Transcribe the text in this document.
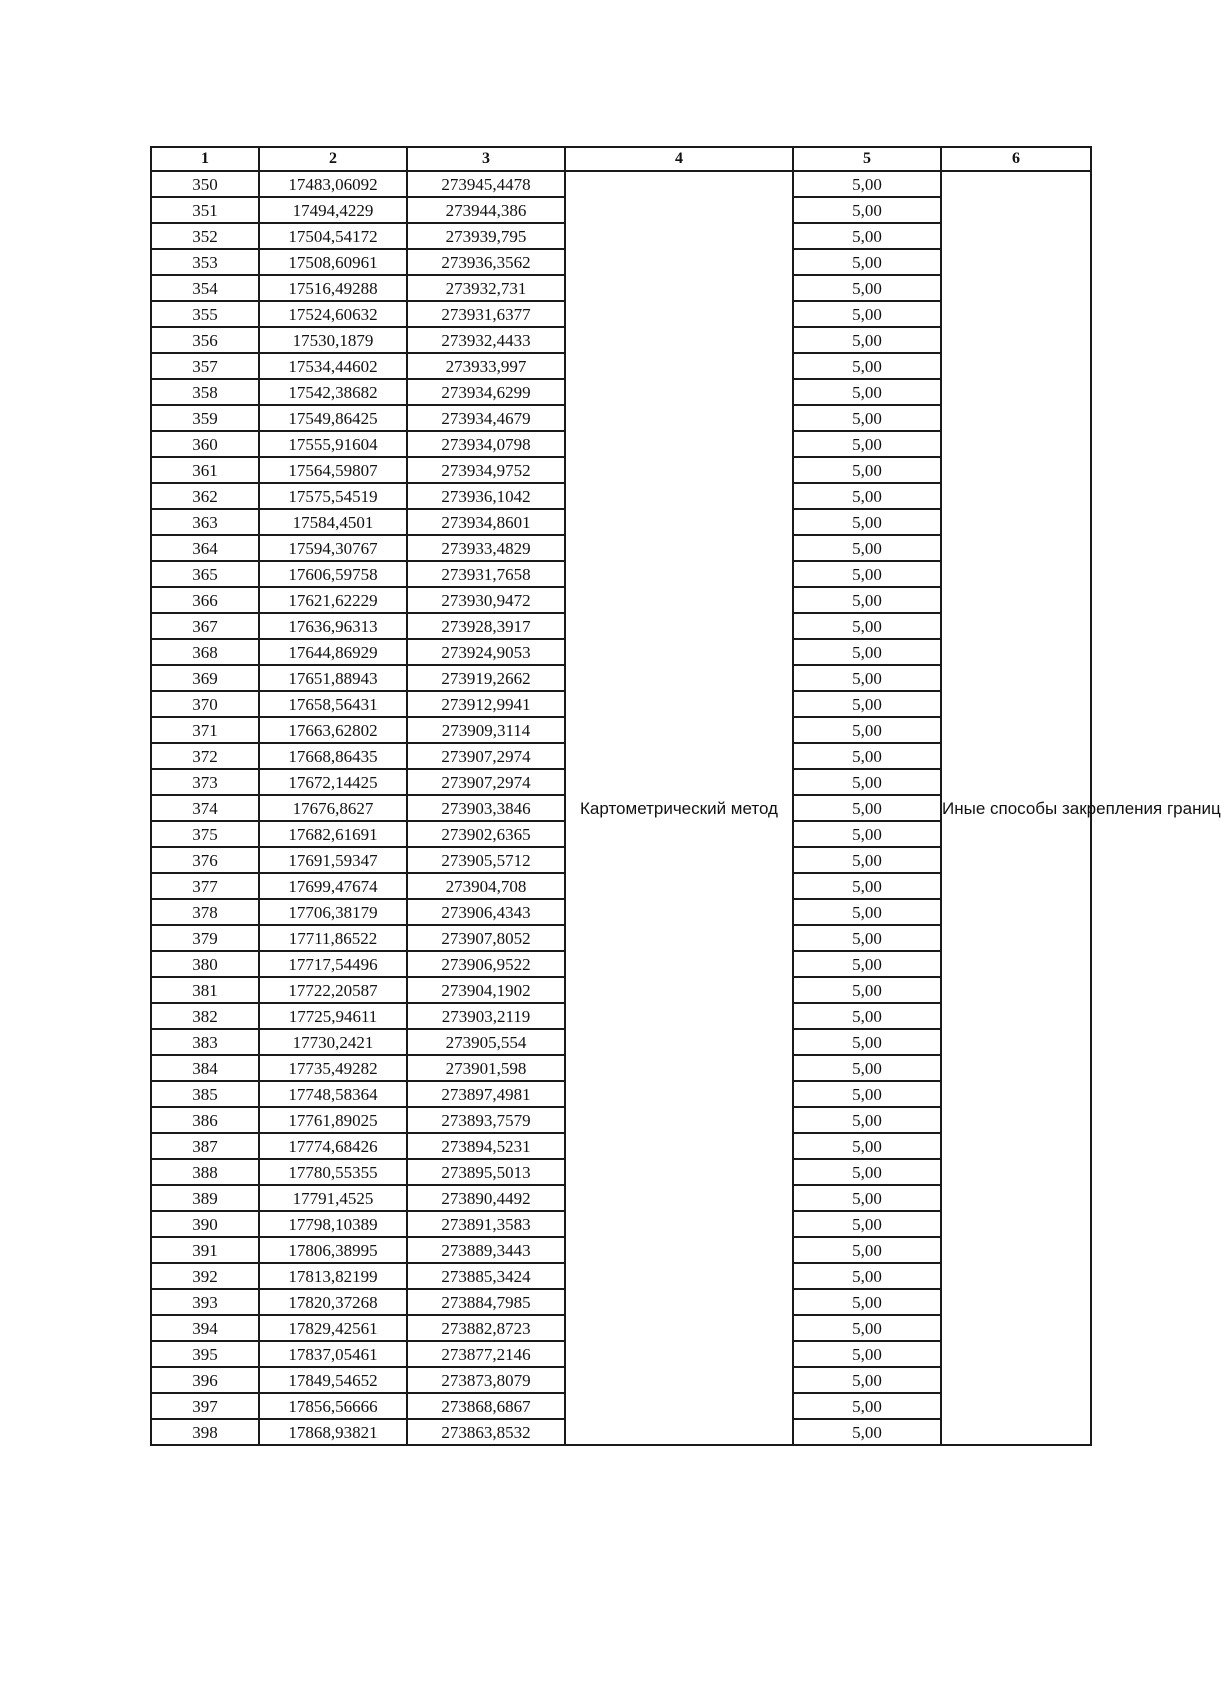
1	2	3	4	5	6
350	17483,06092	273945,4478	Картометрический метод	5,00	Иные способы закрепления границ
351	17494,4229	273944,386		5,00	
352	17504,54172	273939,795		5,00	
353	17508,60961	273936,3562		5,00	
354	17516,49288	273932,731		5,00	
355	17524,60632	273931,6377		5,00	
356	17530,1879	273932,4433		5,00	
357	17534,44602	273933,997		5,00	
358	17542,38682	273934,6299		5,00	
359	17549,86425	273934,4679		5,00	
360	17555,91604	273934,0798		5,00	
361	17564,59807	273934,9752		5,00	
362	17575,54519	273936,1042		5,00	
363	17584,4501	273934,8601		5,00	
364	17594,30767	273933,4829		5,00	
365	17606,59758	273931,7658		5,00	
366	17621,62229	273930,9472		5,00	
367	17636,96313	273928,3917		5,00	
368	17644,86929	273924,9053		5,00	
369	17651,88943	273919,2662		5,00	
370	17658,56431	273912,9941		5,00	
371	17663,62802	273909,3114		5,00	
372	17668,86435	273907,2974		5,00	
373	17672,14425	273907,2974		5,00	
374	17676,8627	273903,3846		5,00	
375	17682,61691	273902,6365		5,00	
376	17691,59347	273905,5712		5,00	
377	17699,47674	273904,708		5,00	
378	17706,38179	273906,4343		5,00	
379	17711,86522	273907,8052		5,00	
380	17717,54496	273906,9522		5,00	
381	17722,20587	273904,1902		5,00	
382	17725,94611	273903,2119		5,00	
383	17730,2421	273905,554		5,00	
384	17735,49282	273901,598		5,00	
385	17748,58364	273897,4981		5,00	
386	17761,89025	273893,7579		5,00	
387	17774,68426	273894,5231		5,00	
388	17780,55355	273895,5013		5,00	
389	17791,4525	273890,4492		5,00	
390	17798,10389	273891,3583		5,00	
391	17806,38995	273889,3443		5,00	
392	17813,82199	273885,3424		5,00	
393	17820,37268	273884,7985		5,00	
394	17829,42561	273882,8723		5,00	
395	17837,05461	273877,2146		5,00	
396	17849,54652	273873,8079		5,00	
397	17856,56666	273868,6867		5,00	
398	17868,93821	273863,8532		5,00	
